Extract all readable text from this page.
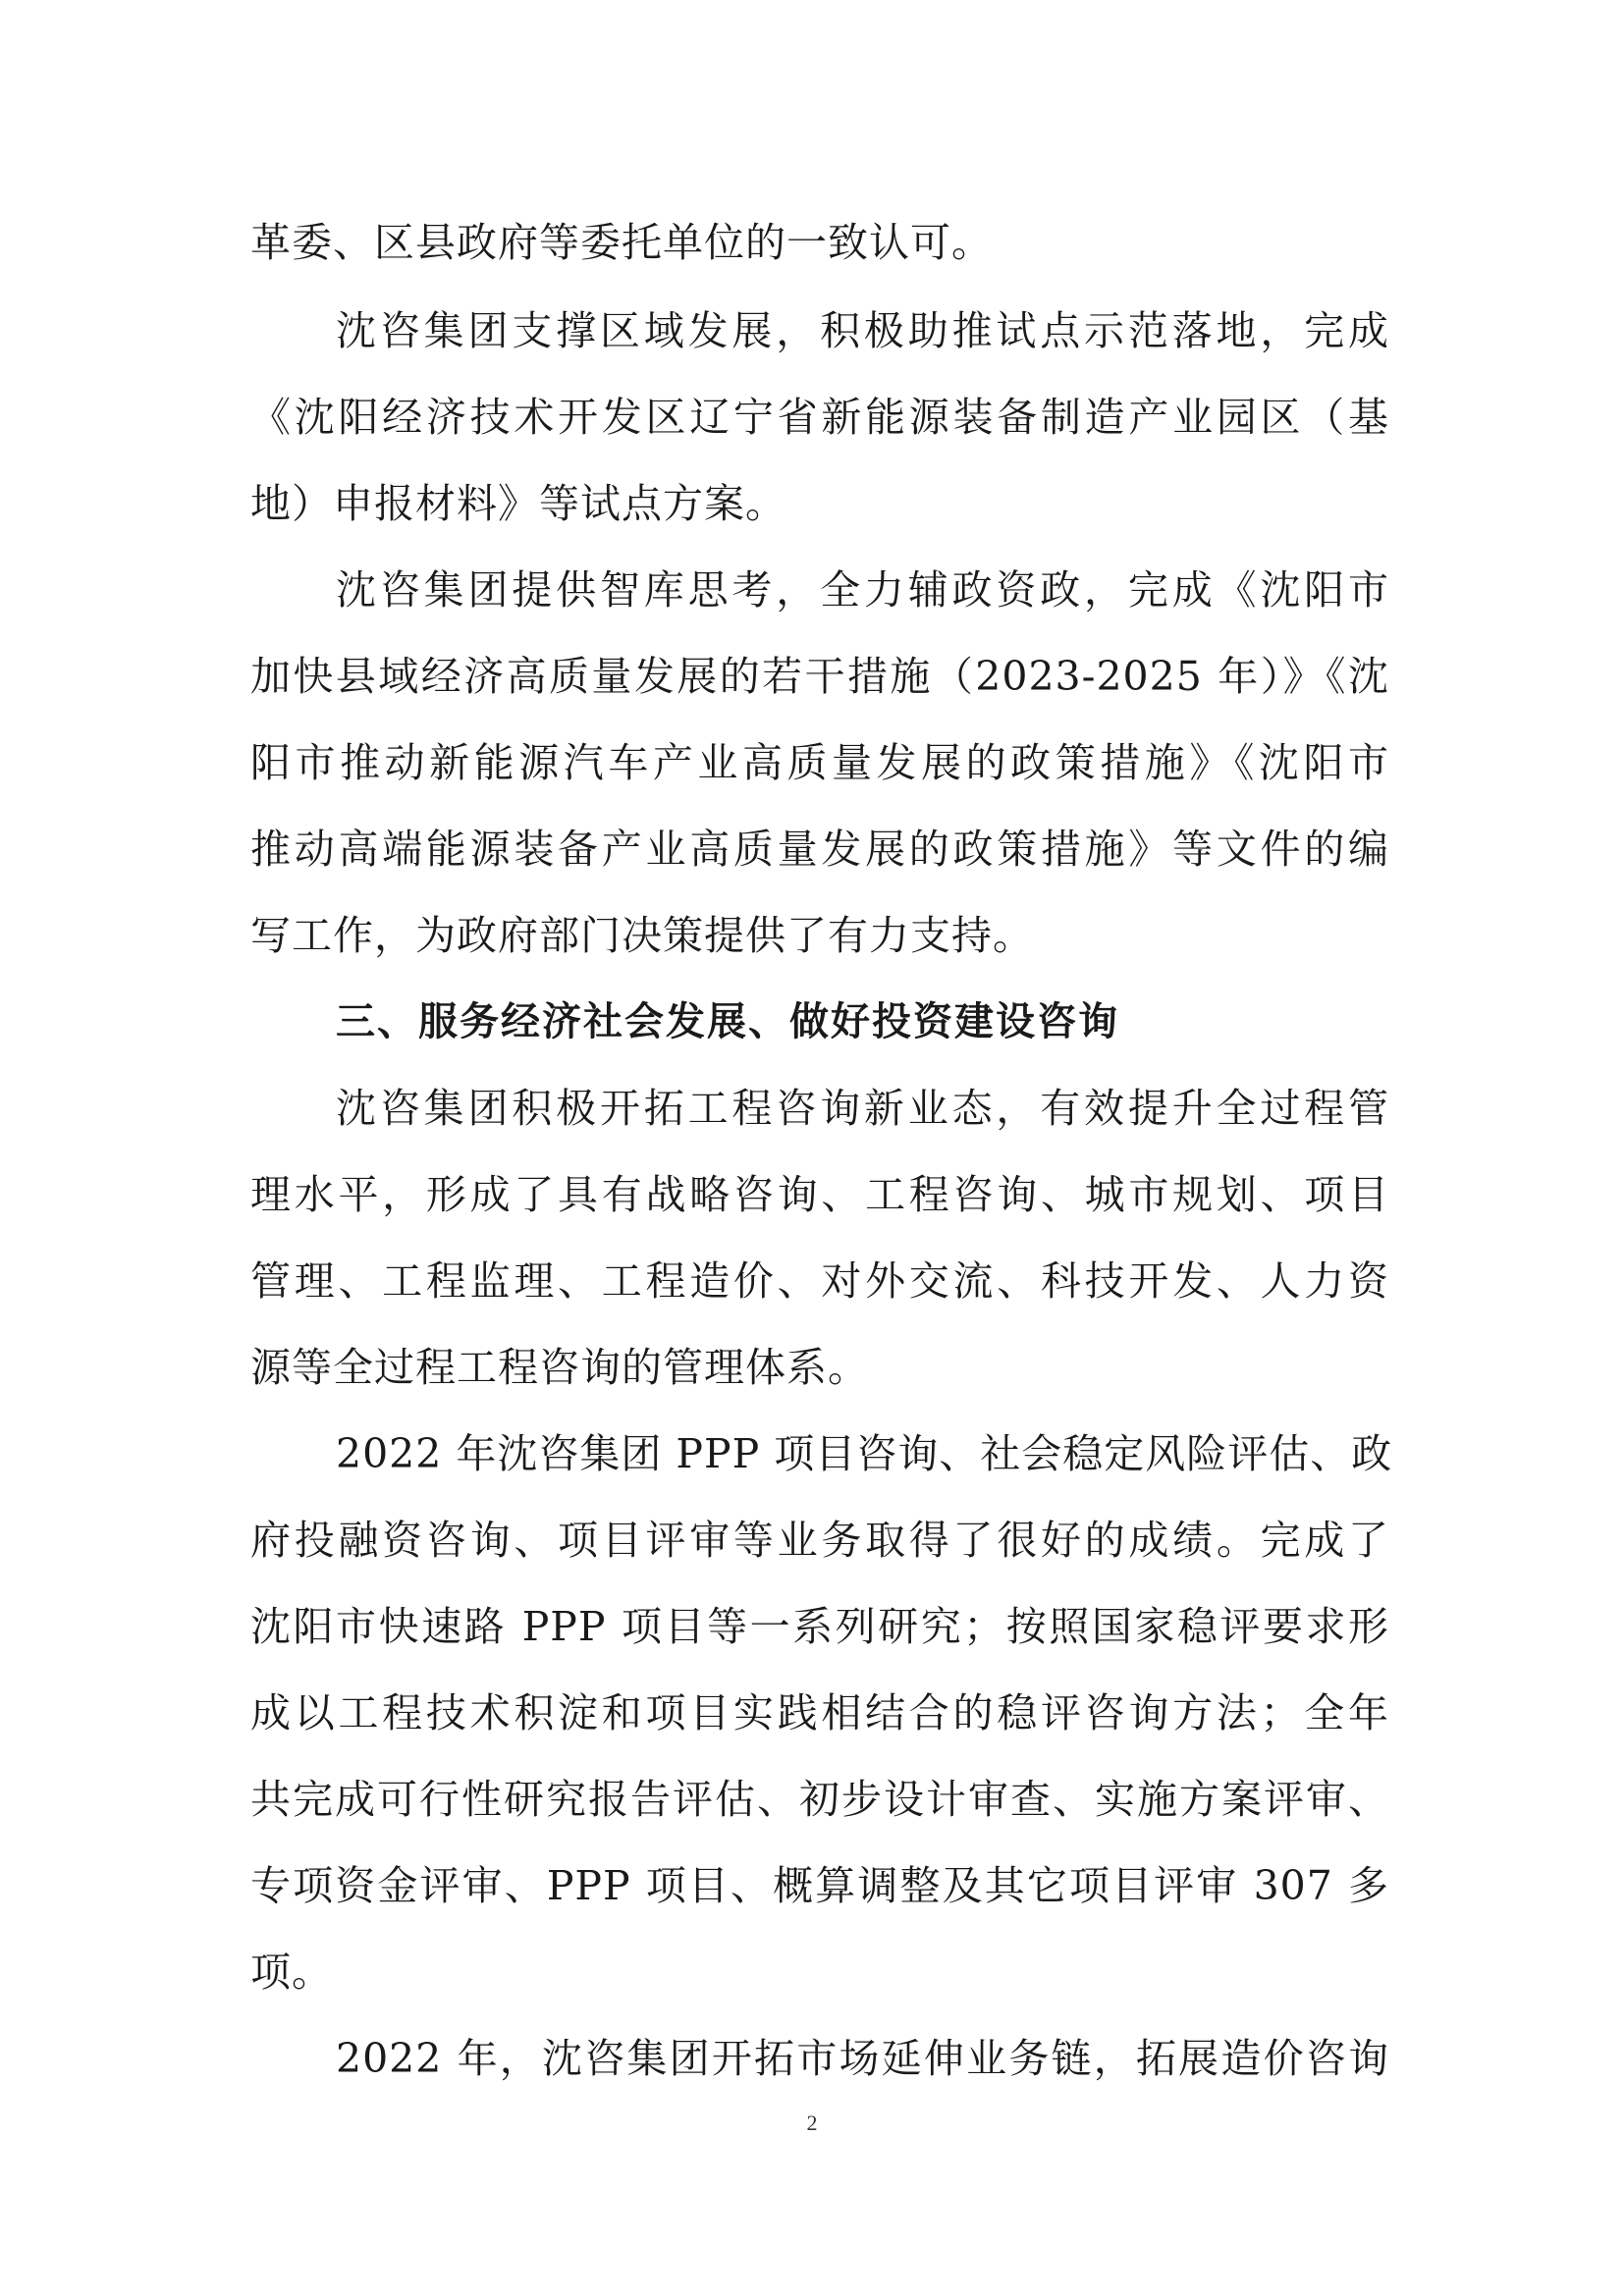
革委、区县政府等委托单位的一致认可。
沈咨集团支撑区域发展，积极助推试点示范落地，完成
《沈阳经济技术开发区辽宁省新能源装备制造产业园区（基
地）申报材料》等试点方案。
沈咨集团提供智库思考，全力辅政资政，完成《沈阳市
加快县域经济高质量发展的若干措施（2023-2025 年）》《沈
阳市推动新能源汽车产业高质量发展的政策措施》《沈阳市
推动高端能源装备产业高质量发展的政策措施》等文件的编
写工作，为政府部门决策提供了有力支持。
三、服务经济社会发展、做好投资建设咨询
沈咨集团积极开拓工程咨询新业态，有效提升全过程管
理水平，形成了具有战略咨询、工程咨询、城市规划、项目
管理、工程监理、工程造价、对外交流、科技开发、人力资
源等全过程工程咨询的管理体系。
2022 年沈咨集团 PPP 项目咨询、社会稳定风险评估、政
府投融资咨询、项目评审等业务取得了很好的成绩。完成了
沈阳市快速路 PPP 项目等一系列研究；按照国家稳评要求形
成以工程技术积淀和项目实践相结合的稳评咨询方法；全年
共完成可行性研究报告评估、初步设计审查、实施方案评审、
专项资金评审、PPP 项目、概算调整及其它项目评审 307 多
项。
2022 年，沈咨集团开拓市场延伸业务链，拓展造价咨询
2
